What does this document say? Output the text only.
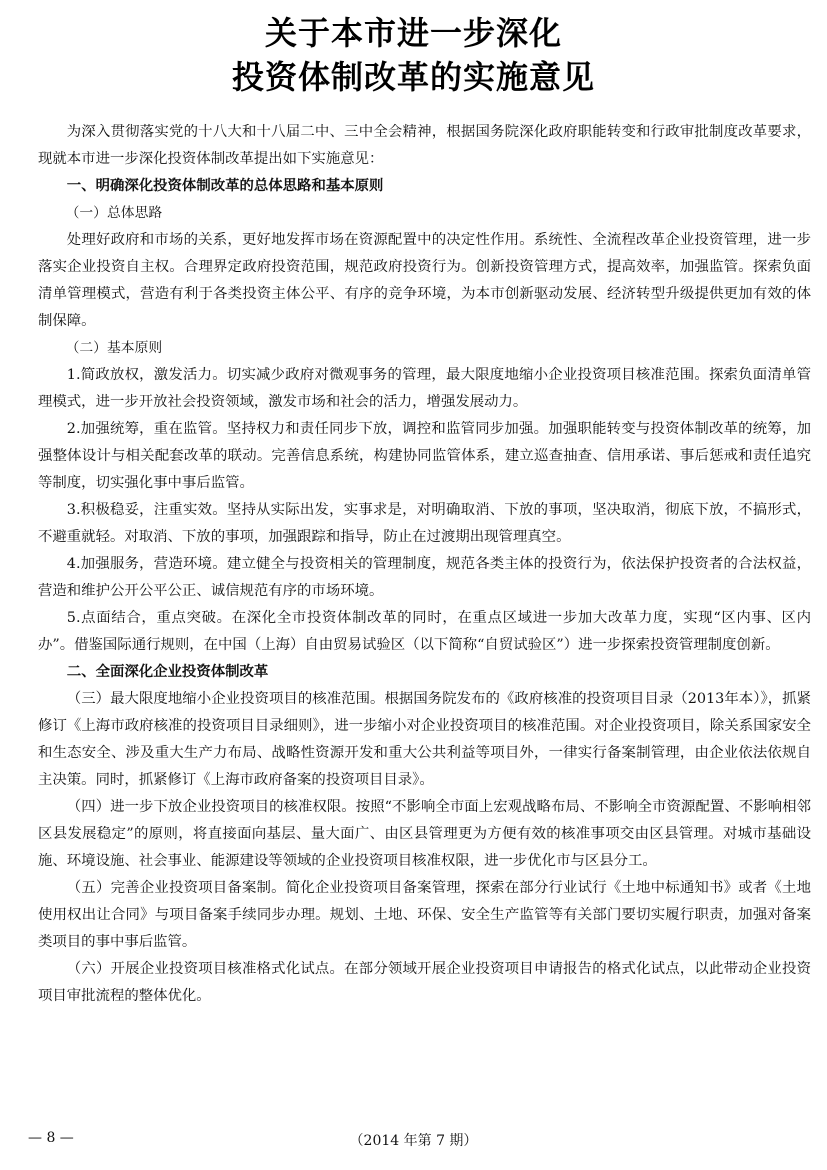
关于本市进一步深化
投资体制改革的实施意见

为深入贯彻落实党的十八大和十八届二中、三中全会精神，根据国务院深化政府职能转变和行政审批制度改革要求，现就本市进一步深化投资体制改革提出如下实施意见：

一、明确深化投资体制改革的总体思路和基本原则

（一）总体思路

处理好政府和市场的关系，更好地发挥市场在资源配置中的决定性作用。系统性、全流程改革企业投资管理，进一步落实企业投资自主权。合理界定政府投资范围，规范政府投资行为。创新投资管理方式，提高效率，加强监管。探索负面清单管理模式，营造有利于各类投资主体公平、有序的竞争环境，为本市创新驱动发展、经济转型升级提供更加有效的体制保障。

（二）基本原则

1.简政放权，激发活力。切实减少政府对微观事务的管理，最大限度地缩小企业投资项目核准范围。探索负面清单管理模式，进一步开放社会投资领域，激发市场和社会的活力，增强发展动力。

2.加强统筹，重在监管。坚持权力和责任同步下放，调控和监管同步加强。加强职能转变与投资体制改革的统筹，加强整体设计与相关配套改革的联动。完善信息系统，构建协同监管体系，建立巡查抽查、信用承诺、事后惩戒和责任追究等制度，切实强化事中事后监管。

3.积极稳妥，注重实效。坚持从实际出发，实事求是，对明确取消、下放的事项，坚决取消，彻底下放，不搞形式，不避重就轻。对取消、下放的事项，加强跟踪和指导，防止在过渡期出现管理真空。

4.加强服务，营造环境。建立健全与投资相关的管理制度，规范各类主体的投资行为，依法保护投资者的合法权益，营造和维护公开公平公正、诚信规范有序的市场环境。

5.点面结合，重点突破。在深化全市投资体制改革的同时，在重点区域进一步加大改革力度，实现“区内事、区内办”。借鉴国际通行规则，在中国（上海）自由贸易试验区（以下简称“自贸试验区”）进一步探索投资管理制度创新。

二、全面深化企业投资体制改革

（三）最大限度地缩小企业投资项目的核准范围。根据国务院发布的《政府核准的投资项目目录（2013年本）》，抓紧修订《上海市政府核准的投资项目目录细则》，进一步缩小对企业投资项目的核准范围。对企业投资项目，除关系国家安全和生态安全、涉及重大生产力布局、战略性资源开发和重大公共利益等项目外，一律实行备案制管理，由企业依法依规自主决策。同时，抓紧修订《上海市政府备案的投资项目目录》。

（四）进一步下放企业投资项目的核准权限。按照“不影响全市面上宏观战略布局、不影响全市资源配置、不影响相邻区县发展稳定”的原则，将直接面向基层、量大面广、由区县管理更为方便有效的核准事项交由区县管理。对城市基础设施、环境设施、社会事业、能源建设等领域的企业投资项目核准权限，进一步优化市与区县分工。

（五）完善企业投资项目备案制。简化企业投资项目备案管理，探索在部分行业试行《土地中标通知书》或者《土地使用权出让合同》与项目备案手续同步办理。规划、土地、环保、安全生产监管等有关部门要切实履行职责，加强对备案类项目的事中事后监管。

（六）开展企业投资项目核准格式化试点。在部分领域开展企业投资项目申请报告的格式化试点，以此带动企业投资项目审批流程的整体优化。

— 8 —	（2014 年第 7 期）
